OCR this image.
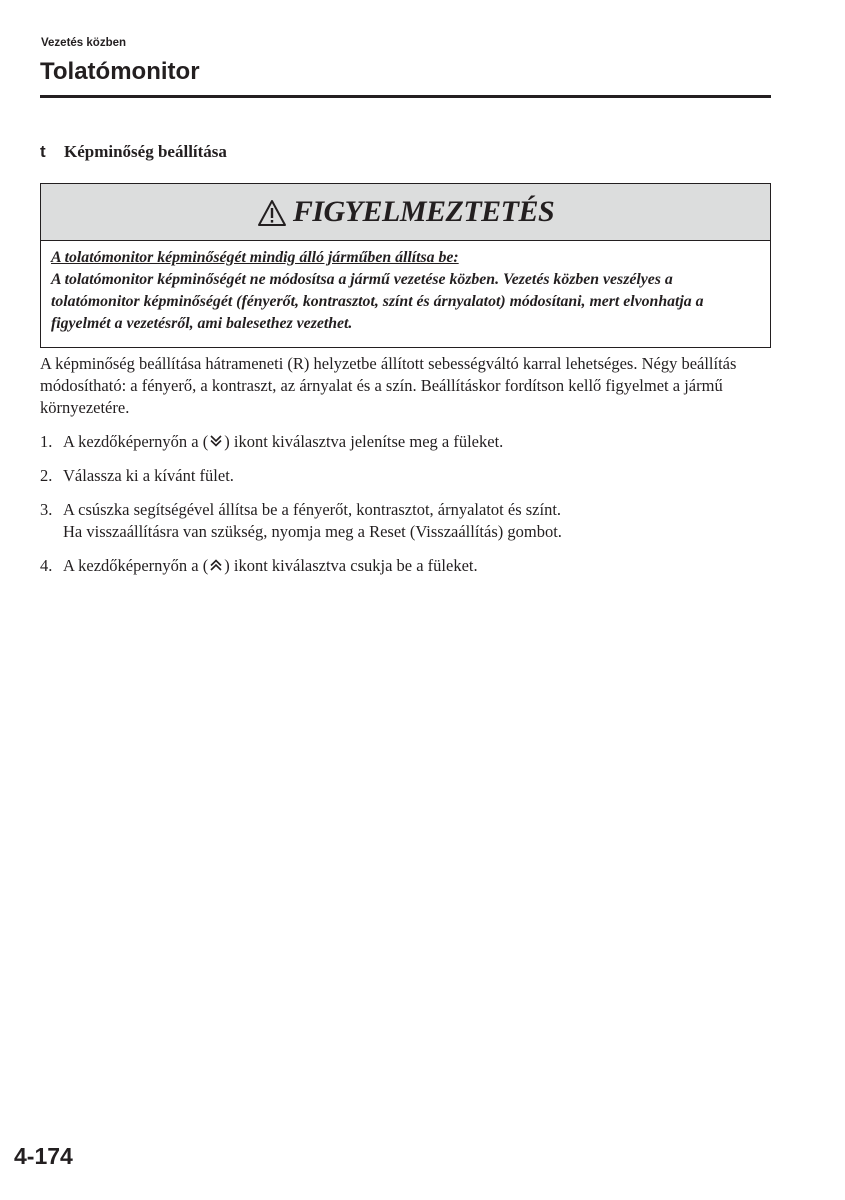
Vezetés közben
Tolatómonitor
t	Képminőség beállítása
FIGYELMEZTETÉS

A tolatómonitor képminőségét mindig álló járműben állítsa be:

A tolatómonitor képminőségét ne módosítsa a jármű vezetése közben. Vezetés közben veszélyes a tolatómonitor képminőségét (fényerőt, kontrasztot, színt és árnyalatot) módosítani, mert elvonhatja a figyelmét a vezetésről, ami balesethez vezethet.

A képminőség beállítása hátrameneti (R) helyzetbe állított sebességváltó karral lehetséges. Négy beállítás módosítható: a fényerő, a kontraszt, az árnyalat és a szín. Beállításkor fordítson kellő figyelmet a jármű környezetére.

1. A kezdőképernyőn a ( ) ikont kiválasztva jelenítse meg a füleket.
2. Válassza ki a kívánt fület.
3. A csúszka segítségével állítsa be a fényerőt, kontrasztot, árnyalatot és színt.

Ha visszaállításra van szükség, nyomja meg a Reset (Visszaállítás) gombot.

4. A kezdőképernyőn a ( ) ikont kiválasztva csukja be a füleket.
4-174
